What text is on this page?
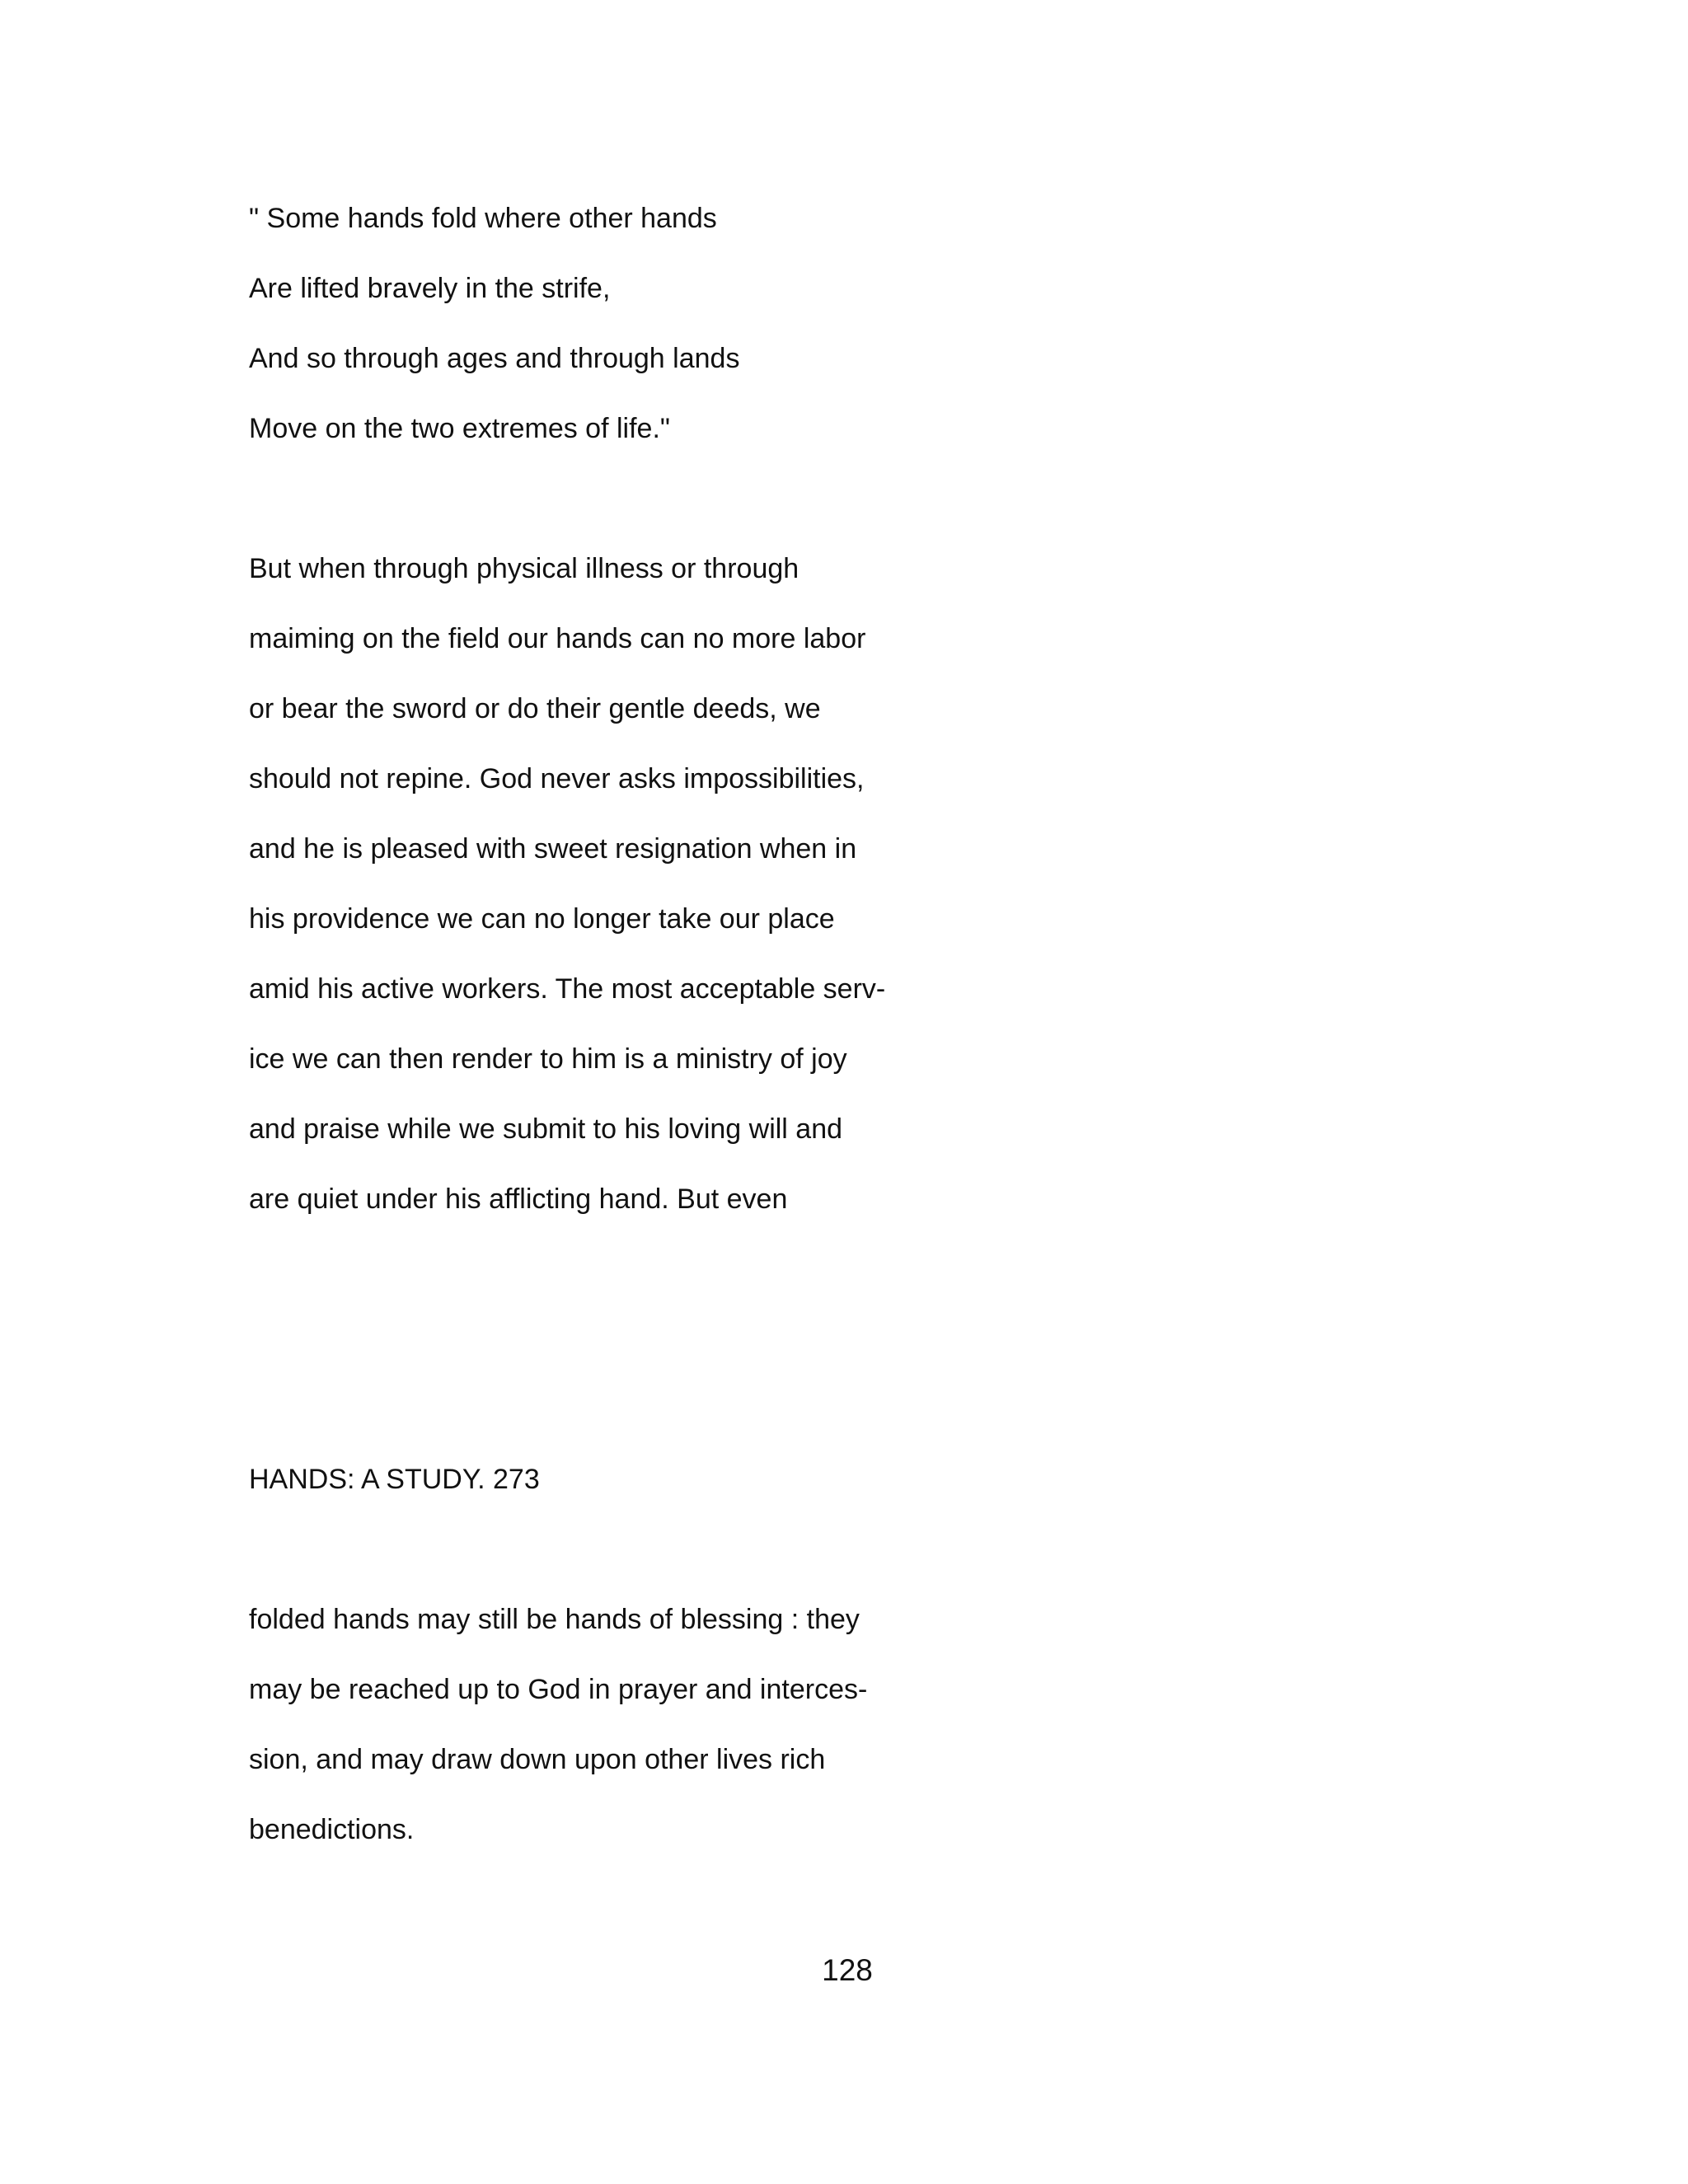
" Some hands fold where other hands
Are lifted bravely in the strife,
And so through ages and through lands
Move on the two extremes of life."
But when through physical illness or through
maiming on the field our hands can no more labor
or bear the sword or do their gentle deeds, we
should not repine. God never asks impossibilities,
and he is pleased with sweet resignation when in
his providence we can no longer take our place
amid his active workers. The most acceptable serv-
ice we can then render to him is a ministry of joy
and praise while we submit to his loving will and
are quiet under his afflicting hand. But even
HANDS: A STUDY. 273
folded hands may still be hands of blessing : they
may be reached up to God in prayer and interces-
sion, and may draw down upon other lives rich
benedictions.
128
